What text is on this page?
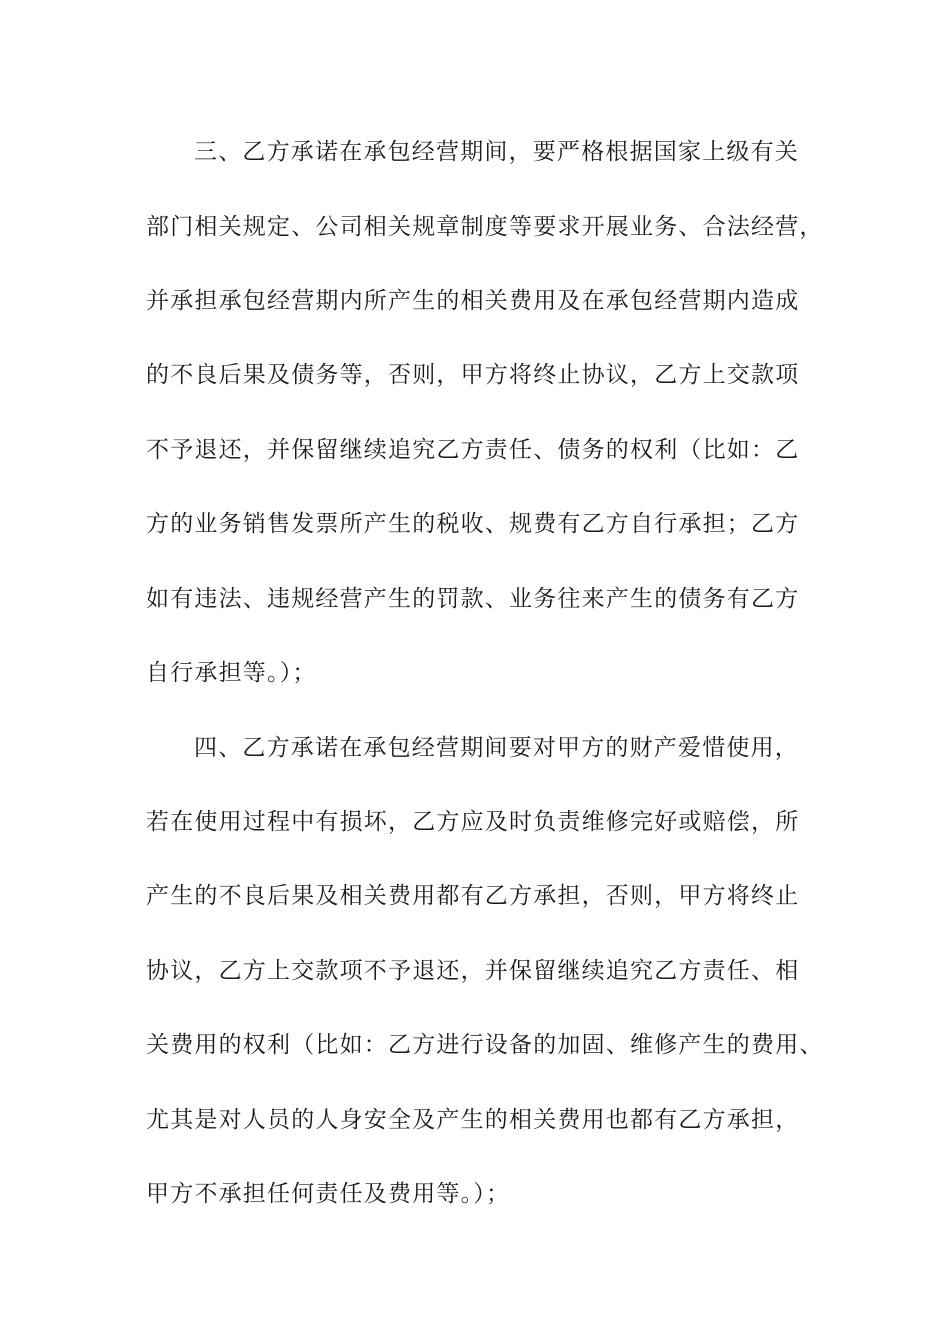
三、乙方承诺在承包经营期间，要严格根据国家上级有关
部门相关规定、公司相关规章制度等要求开展业务、合法经营，
并承担承包经营期内所产生的相关费用及在承包经营期内造成
的不良后果及债务等，否则，甲方将终止协议，乙方上交款项
不予退还，并保留继续追究乙方责任、债务的权利（比如：乙
方的业务销售发票所产生的税收、规费有乙方自行承担；乙方
如有违法、违规经营产生的罚款、业务往来产生的债务有乙方
自行承担等。）；
四、乙方承诺在承包经营期间要对甲方的财产爱惜使用，
若在使用过程中有损坏，乙方应及时负责维修完好或赔偿，所
产生的不良后果及相关费用都有乙方承担，否则，甲方将终止
协议，乙方上交款项不予退还，并保留继续追究乙方责任、相
关费用的权利（比如：乙方进行设备的加固、维修产生的费用、
尤其是对人员的人身安全及产生的相关费用也都有乙方承担，
甲方不承担任何责任及费用等。）；
